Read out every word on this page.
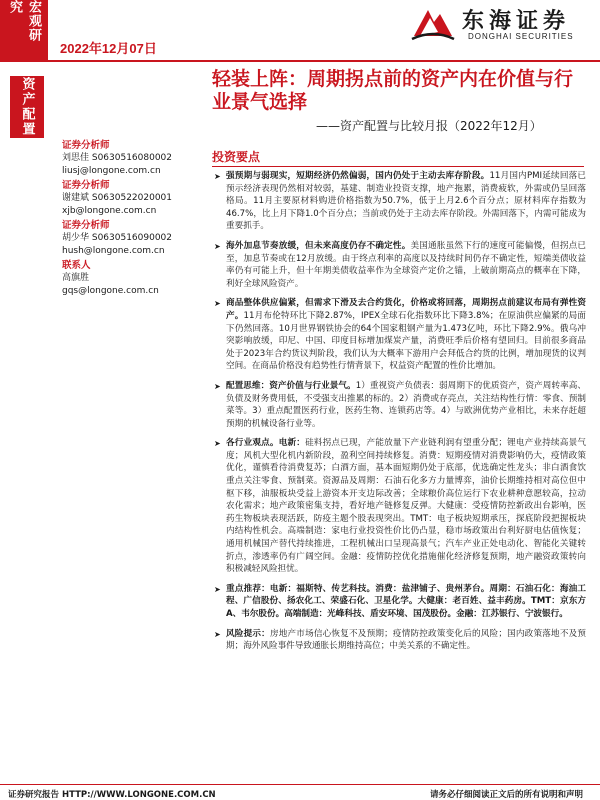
宏观研究
2022年12月07日
东海证券
DONGHAI SECURITIES
资产配置	轻装上阵：周期拐点前的资产内在价值与行业景气选择
——资产配置与比较月报（2022年12月）
证券分析师
刘思佳 S0630516080002
liusj@longone.com.cn
证券分析师
谢建斌 S0630522020001
xjb@longone.com.cn
证券分析师
胡少华 S0630516090002
hush@longone.com.cn
联系人
高旗胜
gqs@longone.com.cn
投资要点
➤ 强预期与弱现实，短期经济仍然偏弱，国内仍处于主动去库存阶段。11月国内PMI延续回落已预示经济表现仍然相对较弱，基建、制造业投资支撑，地产拖累，消费疲软，外需或仍呈回落格局。11月主要原材料购进价格指数为50.7%，低于上月2.6个百分点；原材料库存指数为46.7%，比上月下降1.0个百分点；当前或仍处于主动去库存阶段。外需回落下，内需可能成为重要抓手。
➤ 海外加息节奏放缓，但未来高度仍存不确定性。美国通胀虽然下行的速度可能偏慢，但拐点已至，加息节奏或在12月放缓。由于终点利率的高度以及持续时间仍存不确定性，短端美债收益率仍有可能上升，但十年期美债收益率作为全球资产定价之锚，上破前期高点的概率在下降，利好全球风险资产。
➤ 商品整体供应偏紧，但需求下滑及去合约货化，价格或将回落，周期拐点前建议布局有弹性资产。11月布伦特环比下降2.87%，IPEX全球石化指数环比下降3.8%；在原油供应偏紧的局面下仍然回落。10月世界钢铁协会的64个国家粗钢产量为1.473亿吨，环比下降2.9%。俄乌冲突影响放缓，印尼、中国、印度目标增加煤炭产量，消费旺季后价格有望回归。目前很多商品处于2023年合约货议判阶段，我们认为大概率下游用户会拜低合约货的比例，增加现货的议判空间。在商品价格没有趋势性行情背景下，权益资产配置的性价比增加。
➤ 配置思维：资产价值与行业景气。1）重视资产负债表：弱周期下的优质资产，资产周转率高、负债及财务费用低，不受强支出推累的标的。2）消费或存亮点，关注结构性行情：零食、预制菜等。3）重点配置医药行业，医药生物、连锁药店等。4）与欧洲优势产业相比，未来存赶超预期的机械设备行业等。
➤ 各行业观点。电新：硅料拐点已现，产能放量下产业链利润有望重分配；锂电产业持续高景气度；风机大型化机内新阶段，盈利空间持续修复。消费：短期疫情对消费影响仍大，疫情政策优化，谨慎看待消费复苏；白酒方面，基本面短期仍处于底部，优选确定性龙头；非白酒食饮重点关注零食、预制菜。资源品及周期：石油石化多方力量博弈，油价长期维持相对高位但中枢下移，油服板块受益上游资本开支边际改善；全球粮价高位运行下农业耕种意愿较高，拉动农化需求；地产政策密集支持，看好地产链修复反弹。大健康：受疫情防控新政出台影响，医药生物板块表现活跃，防疫主题个股表现突出。TMT：电子板块短期承压，探底阶段把握板块内结构性机会。高端制造：家电行业投资性价比仍凸显，稳市场政策出台利好厨电估值恢复；通用机械国产替代持续推进，工程机械出口呈现高景气；汽车产业正处电动化、智能化关键转折点，渗透率仍有广阔空间。金融：疫情防控优化措施催化经济修复预期，地产融资政策转向积极减轻风险担忧。
➤ 重点推荐：电新：福斯特、传艺科技。消费：盐津铺子、贵州茅台。周期：石油石化：海油工程、广信股份、扬农化工、荣盛石化、卫星化学。大健康：老百姓、益丰药房。TMT：京东方A、韦尔股份。高端制造：光峰科技、盾安环境、国茂股份。金融：江苏银行、宁波银行。
➤ 风险提示：房地产市场信心恢复不及预期；疫情防控政策变化后的风险；国内政策落地不及预期；海外风险事件导致通胀长期维持高位；中美关系的不确定性。
证券研究报告 HTTP://WWW.LONGONE.COM.CN	请务必仔细阅读正文后的所有说明和声明
